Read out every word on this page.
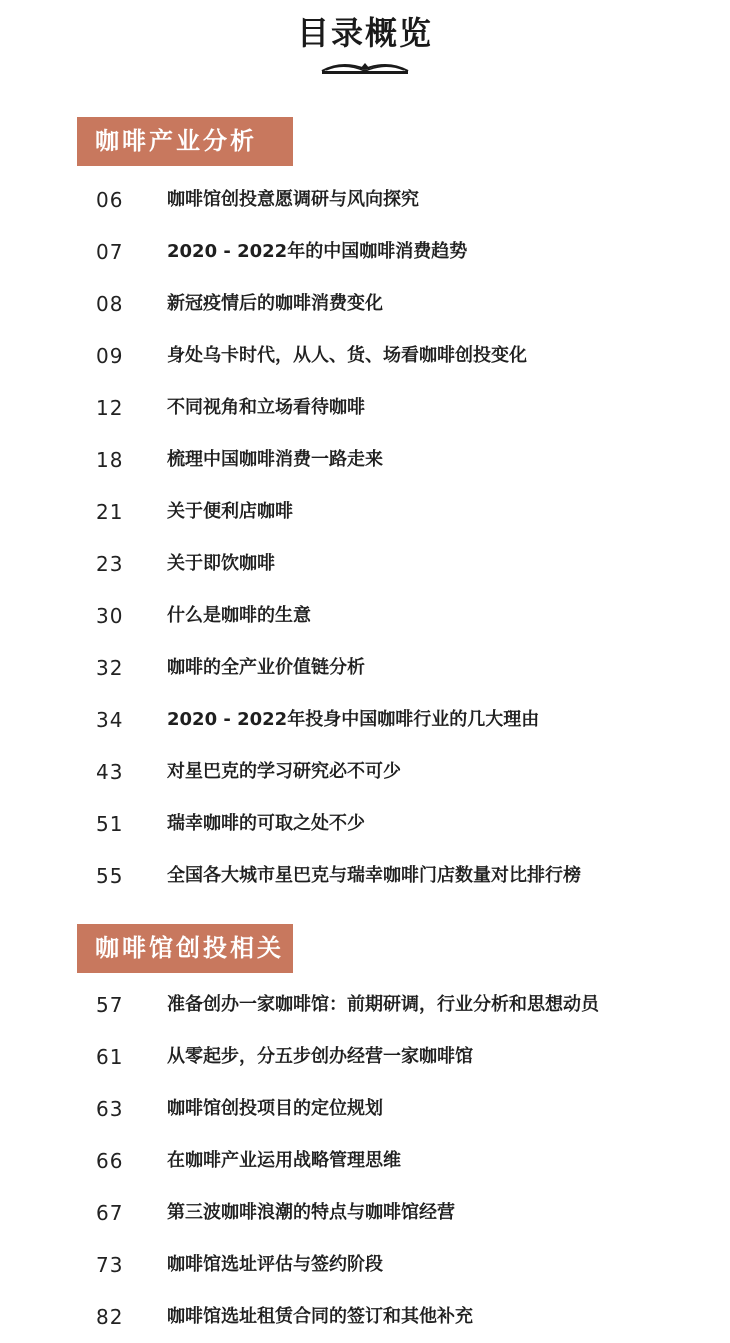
目录概览
咖啡产业分析
06 咖啡馆创投意愿调研与风向探究
07 2020 - 2022年的中国咖啡消费趋势
08 新冠疫情后的咖啡消费变化
09 身处乌卡时代，从人、货、场看咖啡创投变化
12 不同视角和立场看待咖啡
18 梳理中国咖啡消费一路走来
21 关于便利店咖啡
23 关于即饮咖啡
30 什么是咖啡的生意
32 咖啡的全产业价值链分析
34 2020 - 2022年投身中国咖啡行业的几大理由
43 对星巴克的学习研究必不可少
51 瑞幸咖啡的可取之处不少
55 全国各大城市星巴克与瑞幸咖啡门店数量对比排行榜
咖啡馆创投相关
57 准备创办一家咖啡馆：前期研调，行业分析和思想动员
61 从零起步，分五步创办经营一家咖啡馆
63 咖啡馆创投项目的定位规划
66 在咖啡产业运用战略管理思维
67 第三波咖啡浪潮的特点与咖啡馆经营
73 咖啡馆选址评估与签约阶段
82 咖啡馆选址租赁合同的签订和其他补充
